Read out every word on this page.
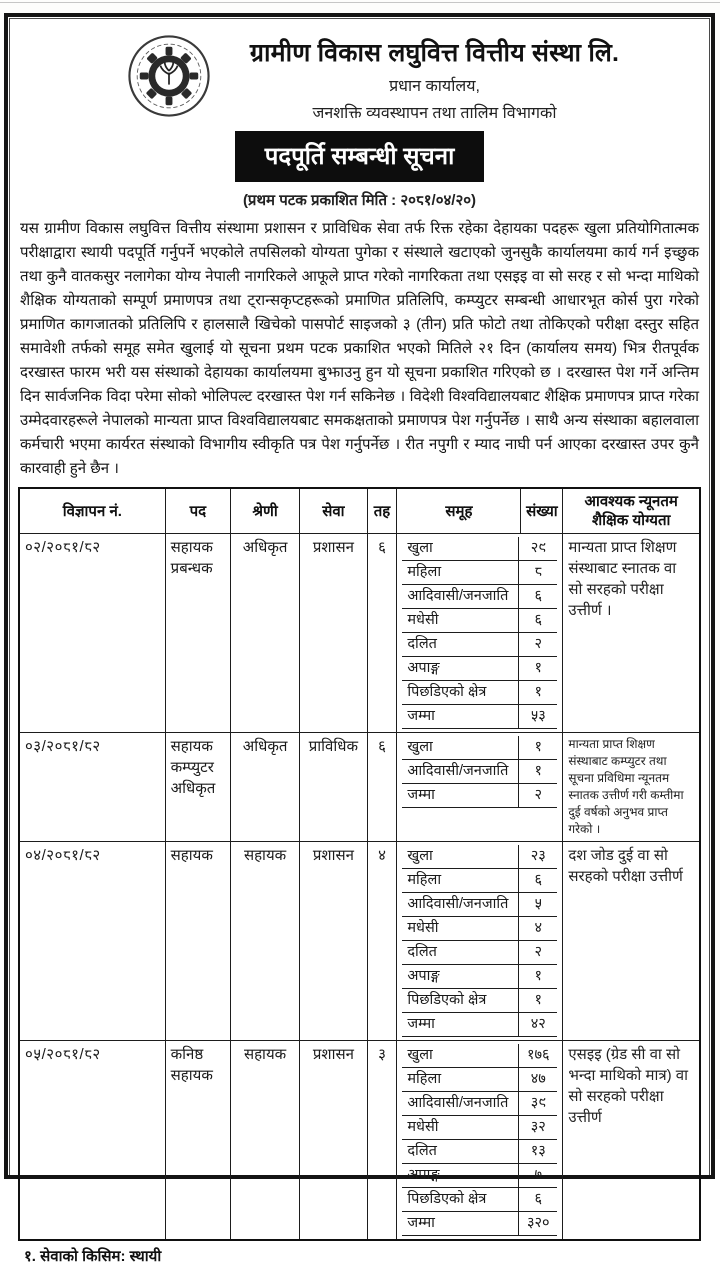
ग्रामीण विकास लघुवित्त वित्तीय संस्था लि.
प्रधान कार्यालय,
जनशक्ति व्यवस्थापन तथा तालिम विभागको
पदपूर्ति सम्बन्धी सूचना
(प्रथम पटक प्रकाशित मिति : २०८१/०४/२०)
यस ग्रामीण विकास लघुवित्त वित्तीय संस्थामा प्रशासन र प्राविधिक सेवा तर्फ रिक्त रहेका देहायका पदहरू खुला प्रतियोगितात्मक परीक्षाद्वारा स्थायी पदपूर्ति गर्नुपर्ने भएकोले तपसिलको योग्यता पुगेका र संस्थाले खटाएको जुनसुकै कार्यालयमा कार्य गर्न इच्छुक तथा कुनै वातकसुर नलागेका योग्य नेपाली नागरिकले आफूले प्राप्त गरेको नागरिकता तथा एसइइ वा सो सरह र सो भन्दा माथिको शैक्षिक योग्यताको सम्पूर्ण प्रमाणपत्र तथा ट्रान्सकृप्टहरूको प्रमाणित प्रतिलिपि, कम्प्युटर सम्बन्धी आधारभूत कोर्स पुरा गरेको प्रमाणित कागजातको प्रतिलिपि र हालसालै खिचेको पासपोर्ट साइजको ३ (तीन) प्रति फोटो तथा तोकिएको परीक्षा दस्तुर सहित समावेशी तर्फको समूह समेत खुलाई यो सूचना प्रथम पटक प्रकाशित भएको मितिले २१ दिन (कार्यालय समय) भित्र रीतपूर्वक दरखास्त फारम भरी यस संस्थाको देहायका कार्यालयमा बुझाउनु हुन यो सूचना प्रकाशित गरिएको छ । दरखास्त पेश गर्ने अन्तिम दिन सार्वजनिक विदा परेमा सोको भोलिपल्ट दरखास्त पेश गर्न सकिनेछ । विदेशी विश्वविद्यालयबाट शैक्षिक प्रमाणपत्र प्राप्त गरेका उम्मेदवारहरूले नेपालको मान्यता प्राप्त विश्वविद्यालयबाट समकक्षताको प्रमाणपत्र पेश गर्नुपर्नेछ । साथै अन्य संस्थाका बहालवाला कर्मचारी भएमा कार्यरत संस्थाको विभागीय स्वीकृति पत्र पेश गर्नुपर्नेछ । रीत नपुगी र म्याद नाघी पर्न आएका दरखास्त उपर कुनै कारवाही हुने छैन ।
विज्ञापन नं.	पद	श्रेणी	सेवा	तह	समूह	संख्या	आवश्यक न्यूनतम शैक्षिक योग्यता
०२/२०८१/८२	सहायक प्रबन्धक	अधिकृत	प्रशासन	६	खुला	२९
महिला	८
आदिवासी/जनजाति	६
मधेसी	६
दलित	२
अपाङ्ग	१
पिछडिएको क्षेत्र	१
जम्मा	५३
	मान्यता प्राप्त शिक्षण संस्थाबाट स्नातक वा सो सरहको परीक्षा उत्तीर्ण ।
०३/२०८१/८२	सहायक कम्प्युटर अधिकृत	अधिकृत	प्राविधिक	६	खुला	१
आदिवासी/जनजाति	१
जम्मा	२
	मान्यता प्राप्त शिक्षण संस्थाबाट कम्प्युटर तथा सूचना प्रविधिमा न्यूनतम स्नातक उत्तीर्ण गरी कम्तीमा दुई वर्षको अनुभव प्राप्त गरेको ।
०४/२०८१/८२	सहायक	सहायक	प्रशासन	४	खुला	२३
महिला	६
आदिवासी/जनजाति	५
मधेसी	४
दलित	२
अपाङ्ग	१
पिछडिएको क्षेत्र	१
जम्मा	४२
	दश जोड दुई वा सो सरहको परीक्षा उत्तीर्ण
०५/२०८१/८२	कनिष्ठ सहायक	सहायक	प्रशासन	३	खुला	१७६
महिला	४७
आदिवासी/जनजाति	३९
मधेसी	३२
दलित	१३
अपाङ्ग	७
पिछडिएको क्षेत्र	६
जम्मा	३२०
	एसइइ (ग्रेड सी वा सो भन्दा माथिको मात्र) वा सो सरहको परीक्षा उत्तीर्ण
१. सेवाको किसिम: स्थायी
